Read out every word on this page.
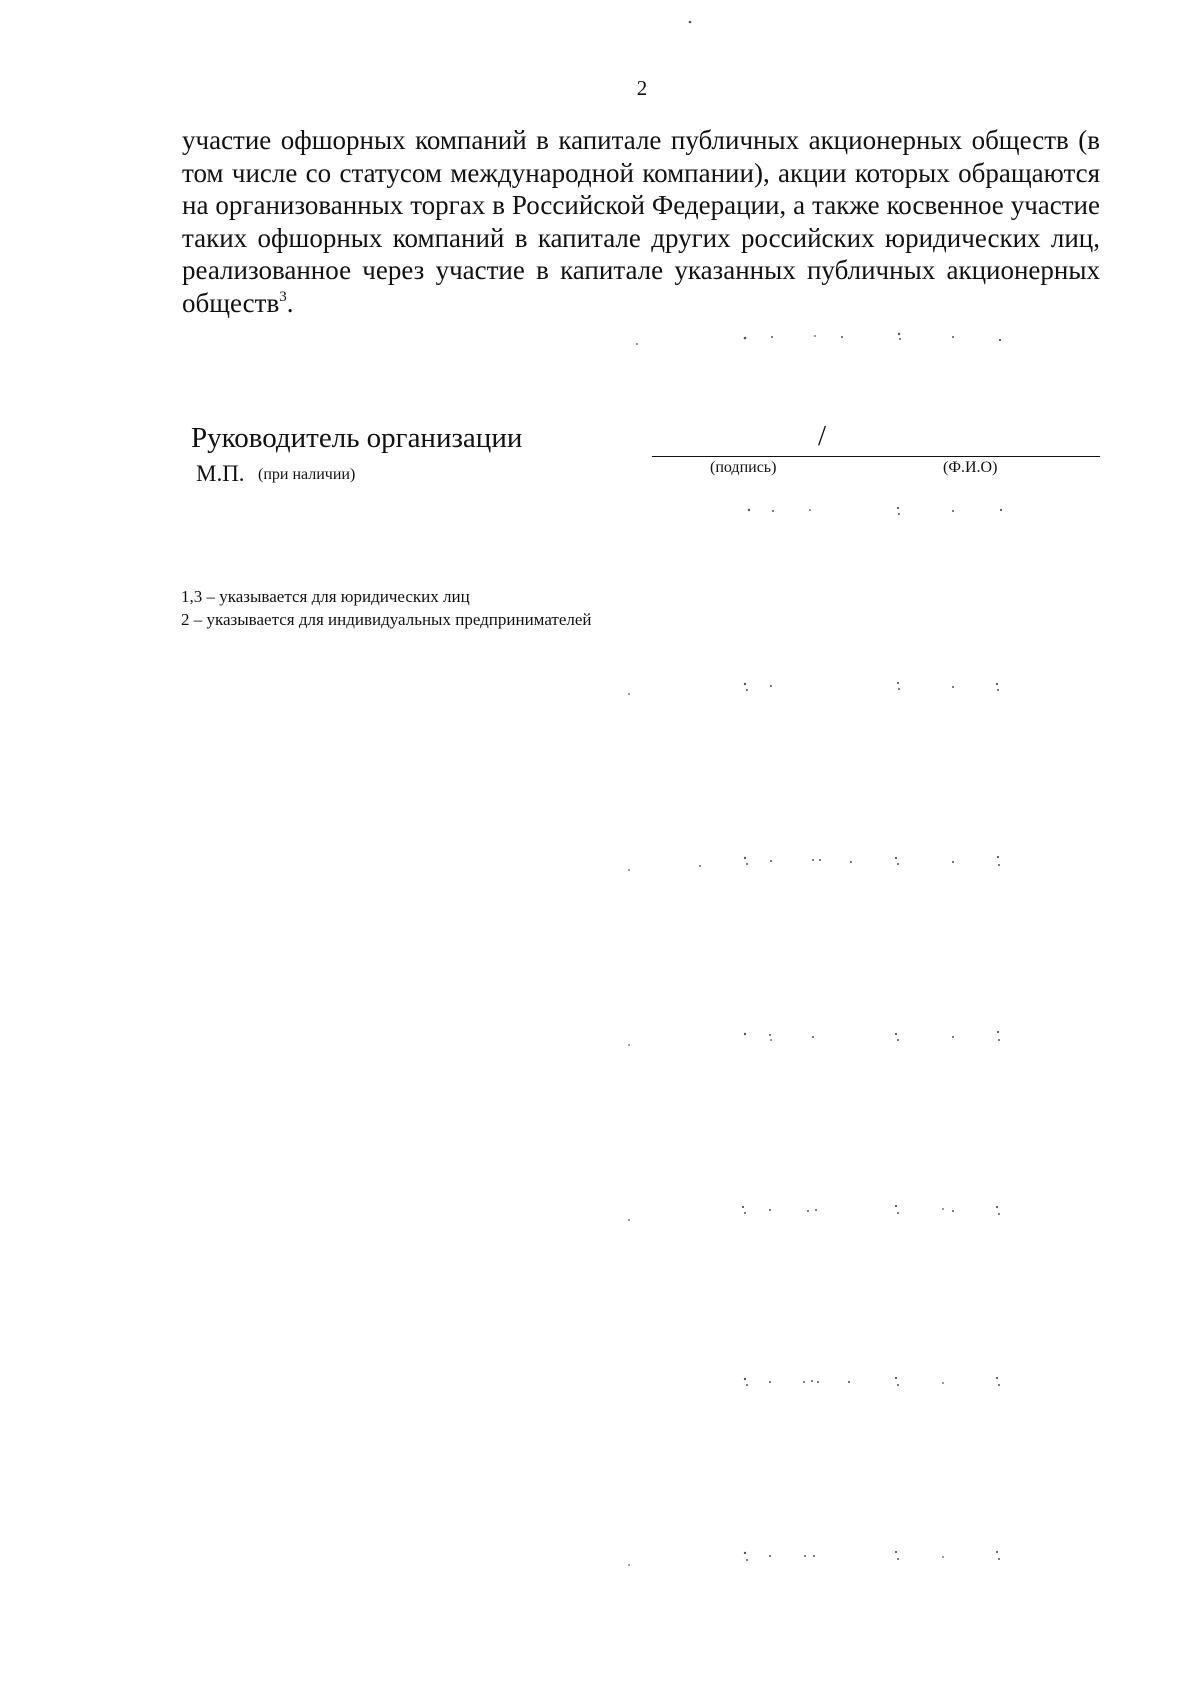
2
участие офшорных компаний в капитале публичных акционерных обществ (в том числе со статусом международной компании), акции которых обращаются на организованных торгах в Российской Федерации, а также косвенное участие таких офшорных компаний в капитале других российских юридических лиц, реализованное через участие в капитале указанных публичных акционерных обществ$^3$.
Руководитель организации	/
М.П. (при наличии)	(подпись)	(Ф.И.О)
1,3 – указывается для юридических лиц
2 – указывается для индивидуальных предпринимателей
